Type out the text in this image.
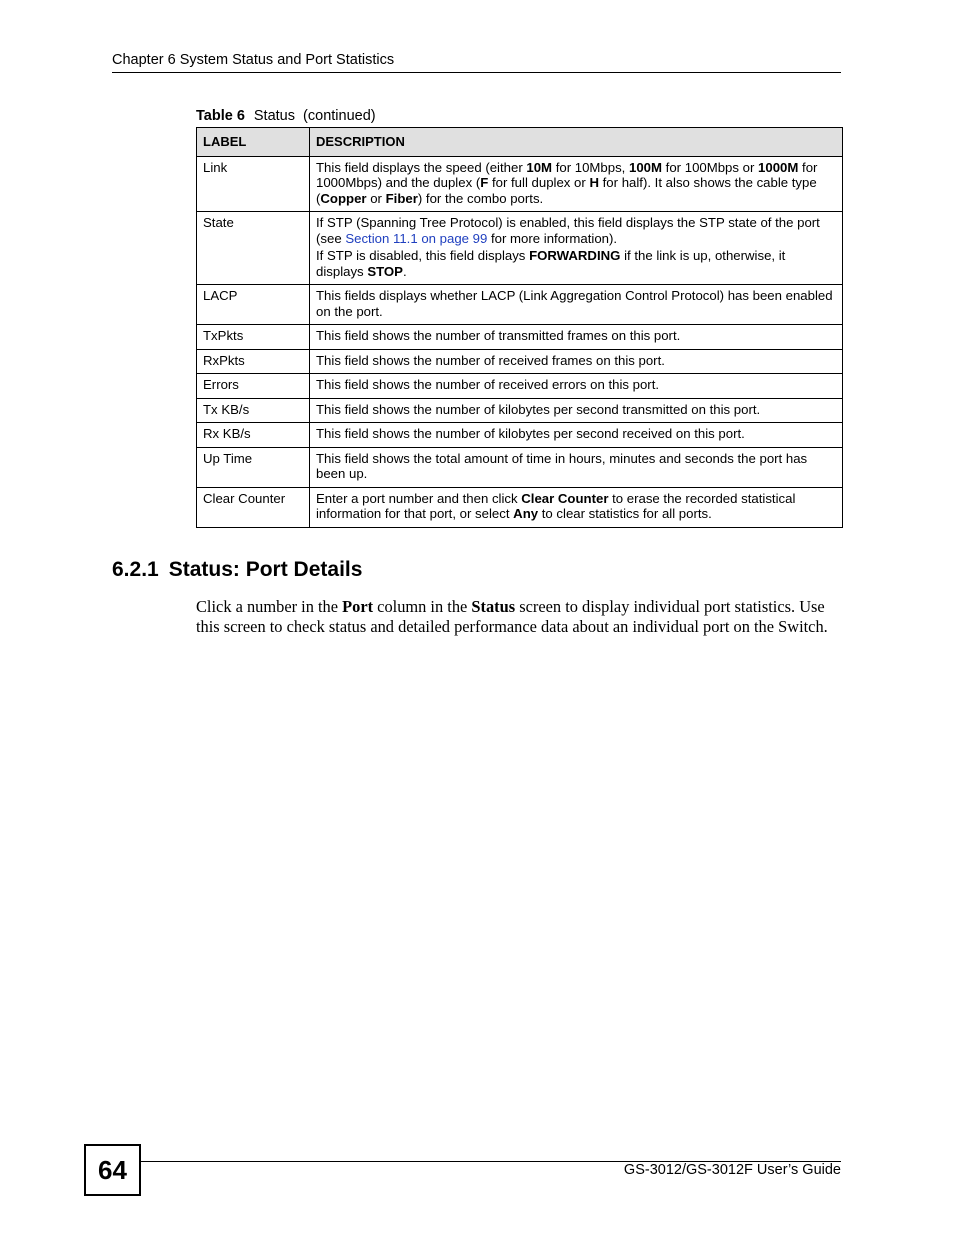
Chapter 6 System Status and Port Statistics
Table 6 Status  (continued)
LABEL	DESCRIPTION
Link	This field displays the speed (either 10M for 10Mbps, 100M for 100Mbps or 1000M for 1000Mbps) and the duplex (F for full duplex or H for half). It also shows the cable type (Copper or Fiber) for the combo ports.
State	If STP (Spanning Tree Protocol) is enabled, this field displays the STP state of the port (see Section 11.1 on page 99 for more information).

If STP is disabled, this field displays FORWARDING if the link is up, otherwise, it displays STOP.

LACP	This fields displays whether LACP (Link Aggregation Control Protocol) has been enabled on the port.
TxPkts	This field shows the number of transmitted frames on this port.
RxPkts	This field shows the number of received frames on this port.
Errors	This field shows the number of received errors on this port.
Tx KB/s	This field shows the number of kilobytes per second transmitted on this port.
Rx KB/s	This field shows the number of kilobytes per second received on this port.
Up Time	This field shows the total amount of time in hours, minutes and seconds the port has been up.
Clear Counter	Enter a port number and then click Clear Counter to erase the recorded statistical information for that port, or select Any to clear statistics for all ports.
6.2.1 Status: Port Details
Click a number in the Port column in the Status screen to display individual port statistics. Use this screen to check status and detailed performance data about an individual port on the Switch.
64	GS-3012/GS-3012F User’s Guide
